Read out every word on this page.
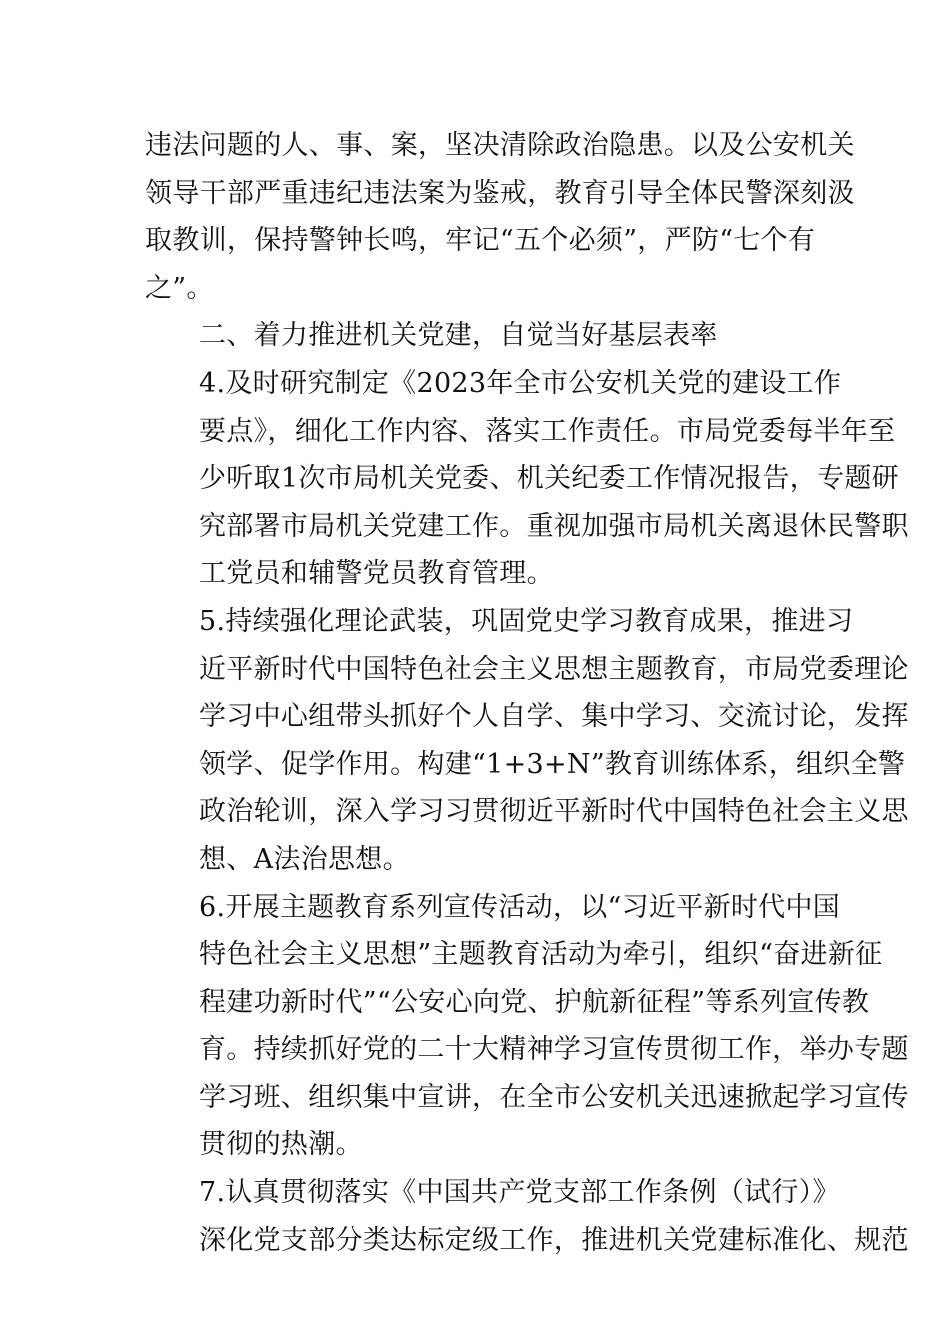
违法问题的人、事、案，坚决清除政治隐患。以及公安机关
领导干部严重违纪违法案为鉴戒，教育引导全体民警深刻汲
取教训，保持警钟长鸣，牢记“五个必须”，严防“七个有
之”。
二、着力推进机关党建，自觉当好基层表率
4.及时研究制定《2023年全市公安机关党的建设工作
要点》，细化工作内容、落实工作责任。市局党委每半年至
少听取1次市局机关党委、机关纪委工作情况报告，专题研
究部署市局机关党建工作。重视加强市局机关离退休民警职
工党员和辅警党员教育管理。
5.持续强化理论武装，巩固党史学习教育成果，推进习
近平新时代中国特色社会主义思想主题教育，市局党委理论
学习中心组带头抓好个人自学、集中学习、交流讨论，发挥
领学、促学作用。构建“1+3+N”教育训练体系，组织全警
政治轮训，深入学习习贯彻近平新时代中国特色社会主义思
想、A法治思想。
6.开展主题教育系列宣传活动，以“习近平新时代中国
特色社会主义思想”主题教育活动为牵引，组织“奋进新征
程建功新时代”“公安心向党、护航新征程”等系列宣传教
育。持续抓好党的二十大精神学习宣传贯彻工作，举办专题
学习班、组织集中宣讲，在全市公安机关迅速掀起学习宣传
贯彻的热潮。
7.认真贯彻落实《中国共产党支部工作条例（试行）》
深化党支部分类达标定级工作，推进机关党建标准化、规范
